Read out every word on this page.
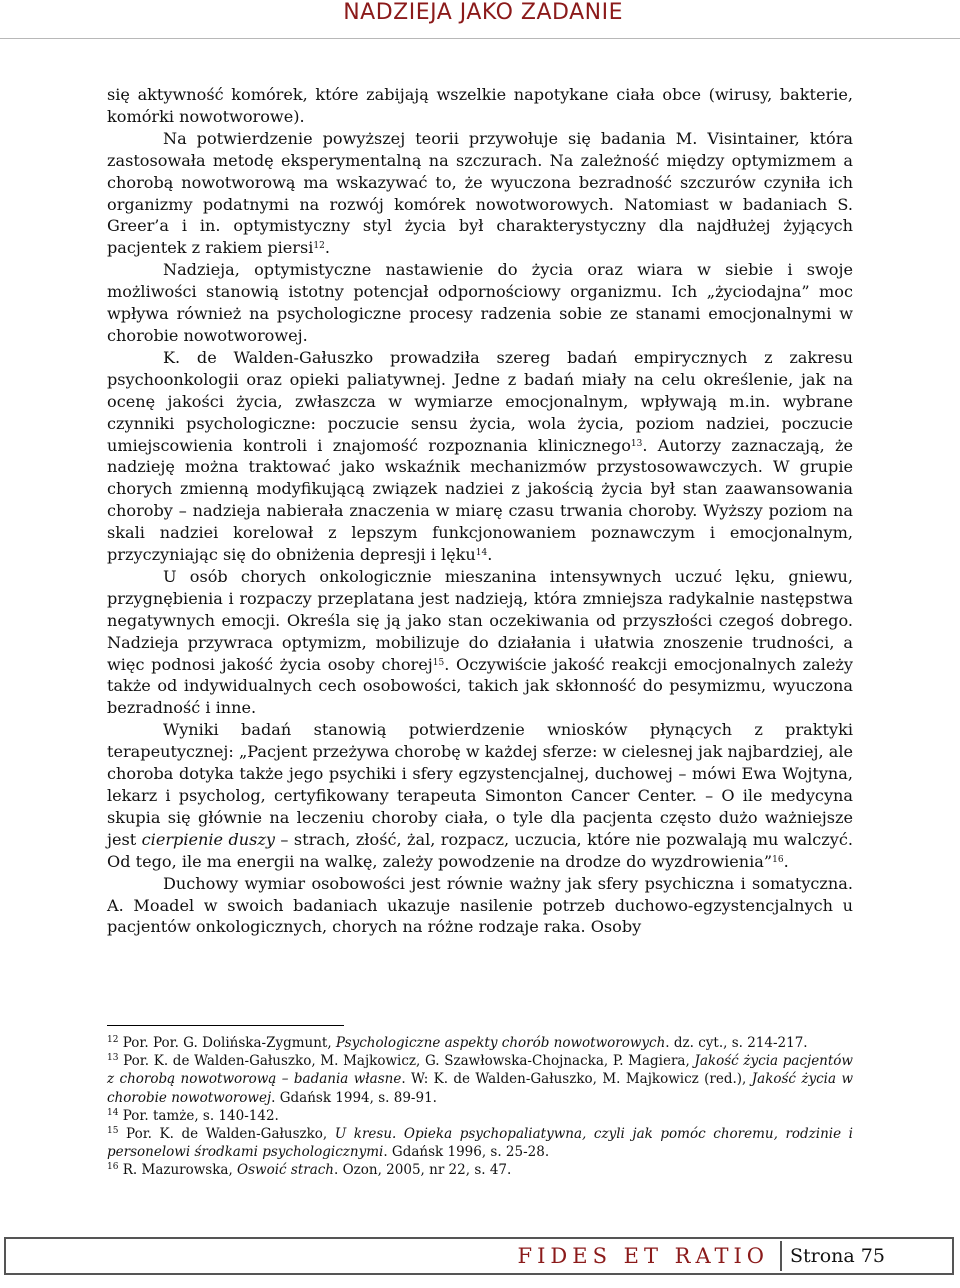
NADZIEJA JAKO ZADANIE

się aktywność komórek, które zabijają wszelkie napotykane ciała obce (wirusy, bakterie, komórki nowotworowe).

Na potwierdzenie powyższej teorii przywołuje się badania M. Visintainer, która zastosowała metodę eksperymentalną na szczurach. Na zależność między optymizmem a chorobą nowotworową ma wskazywać to, że wyuczona bezradność szczurów czyniła ich organizmy podatnymi na rozwój komórek nowotworowych. Natomiast w badaniach S. Greer’a i in. optymistyczny styl życia był charakterystyczny dla najdłużej żyjących pacjentek z rakiem piersi$^{12}$.

Nadzieja, optymistyczne nastawienie do życia oraz wiara w siebie i swoje możliwości stanowią istotny potencjał odpornościowy organizmu. Ich „życiodajna” moc wpływa również na psychologiczne procesy radzenia sobie ze stanami emocjonalnymi w chorobie nowotworowej.

K. de Walden-Gałuszko prowadziła szereg badań empirycznych z zakresu psychoonkologii oraz opieki paliatywnej. Jedne z badań miały na celu określenie, jak na ocenę jakości życia, zwłaszcza w wymiarze emocjonalnym, wpływają m.in. wybrane czynniki psychologiczne: poczucie sensu życia, wola życia, poziom nadziei, poczucie umiejscowienia kontroli i znajomość rozpoznania klinicznego$^{13}$. Autorzy zaznaczają, że nadzieję można traktować jako wskaźnik mechanizmów przystosowawczych. W grupie chorych zmienną modyfikującą związek nadziei z jakością życia był stan zaawansowania choroby – nadzieja nabierała znaczenia w miarę czasu trwania choroby. Wyższy poziom na skali nadziei korelował z lepszym funkcjonowaniem poznawczym i emocjonalnym, przyczyniając się do obniżenia depresji i lęku$^{14}$.

U osób chorych onkologicznie mieszanina intensywnych uczuć lęku, gniewu, przygnębienia i rozpaczy przeplatana jest nadzieją, która zmniejsza radykalnie następstwa negatywnych emocji. Określa się ją jako stan oczekiwania od przyszłości czegoś dobrego. Nadzieja przywraca optymizm, mobilizuje do działania i ułatwia znoszenie trudności, a więc podnosi jakość życia osoby chorej$^{15}$. Oczywiście jakość reakcji emocjonalnych zależy także od indywidualnych cech osobowości, takich jak skłonność do pesymizmu, wyuczona bezradność i inne.

Wyniki badań stanowią potwierdzenie wniosków płynących z praktyki terapeutycznej: „Pacjent przeżywa chorobę w każdej sferze: w cielesnej jak najbardziej, ale choroba dotyka także jego psychiki i sfery egzystencjalnej, duchowej – mówi Ewa Wojtyna, lekarz i psycholog, certyfikowany terapeuta Simonton Cancer Center. – O ile medycyna skupia się głównie na leczeniu choroby ciała, o tyle dla pacjenta często dużo ważniejsze jest cierpienie duszy – strach, złość, żal, rozpacz, uczucia, które nie pozwalają mu walczyć. Od tego, ile ma energii na walkę, zależy powodzenie na drodze do wyzdrowienia”$^{16}$.

Duchowy wymiar osobowości jest równie ważny jak sfery psychiczna i somatyczna. A. Moadel w swoich badaniach ukazuje nasilenie potrzeb duchowo-egzystencjalnych u pacjentów onkologicznych, chorych na różne rodzaje raka. Osoby

$^{12}$ Por. Por. G. Dolińska-Zygmunt, Psychologiczne aspekty chorób nowotworowych. dz. cyt., s. 214-217.

$^{13}$ Por. K. de Walden-Gałuszko, M. Majkowicz, G. Szawłowska-Chojnacka, P. Magiera, Jakość życia pacjentów z chorobą nowotworową – badania własne. W: K. de Walden-Gałuszko, M. Majkowicz (red.), Jakość życia w chorobie nowotworowej. Gdańsk 1994, s. 89-91.

$^{14}$ Por. tamże, s. 140-142.

$^{15}$ Por. K. de Walden-Gałuszko, U kresu. Opieka psychopaliatywna, czyli jak pomóc choremu, rodzinie i personelowi środkami psychologicznymi. Gdańsk 1996, s. 25-28.

$^{16}$ R. Mazurowska, Oswoić strach. Ozon, 2005, nr 22, s. 47.

FIDES ET RATIO	Strona 75
